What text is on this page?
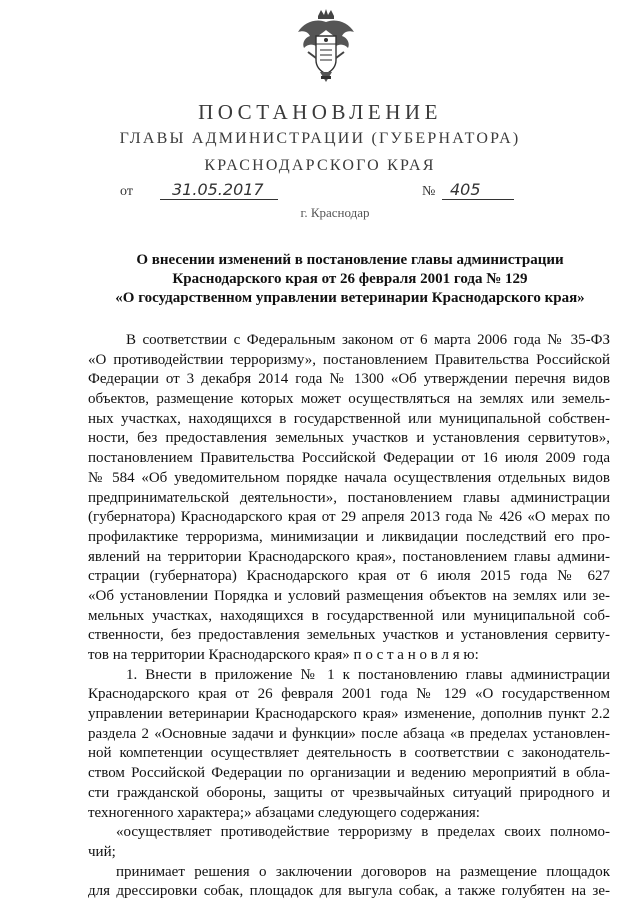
ПОСТАНОВЛЕНИЕ
ГЛАВЫ АДМИНИСТРАЦИИ (ГУБЕРНАТОРА)
КРАСНОДАРСКОГО КРАЯ
от 31.05.2017	№ 405
г. Краснодар
О внесении изменений в постановление главы администрации
Краснодарского края от 26 февраля 2001 года № 129
«О государственном управлении ветеринарии Краснодарского края»
В соответствии с Федеральным законом от 6 марта 2006 года № 35-ФЗ
«О противодействии терроризму», постановлением Правительства Российской
Федерации от 3 декабря 2014 года № 1300 «Об утверждении перечня видов
объектов, размещение которых может осуществляться на землях или земель-
ных участках, находящихся в государственной или муниципальной собствен-
ности, без предоставления земельных участков и установления сервитутов»,
постановлением Правительства Российской Федерации от 16 июля 2009 года
№ 584 «Об уведомительном порядке начала осуществления отдельных видов
предпринимательской деятельности», постановлением главы администрации
(губернатора) Краснодарского края от 29 апреля 2013 года № 426 «О мерах по
профилактике терроризма, минимизации и ликвидации последствий его про-
явлений на территории Краснодарского края», постановлением главы админи-
страции (губернатора) Краснодарского края от 6 июля 2015 года № 627
«Об установлении Порядка и условий размещения объектов на землях или зе-
мельных участках, находящихся в государственной или муниципальной соб-
ственности, без предоставления земельных участков и установления сервиту-
тов на территории Краснодарского края» п о с т а н о в л я ю:
1. Внести в приложение № 1 к постановлению главы администрации
Краснодарского края от 26 февраля 2001 года № 129 «О государственном
управлении ветеринарии Краснодарского края» изменение, дополнив пункт 2.2
раздела 2 «Основные задачи и функции» после абзаца «в пределах установлен-
ной компетенции осуществляет деятельность в соответствии с законодатель-
ством Российской Федерации по организации и ведению мероприятий в обла-
сти гражданской обороны, защиты от чрезвычайных ситуаций природного и
техногенного характера;» абзацами следующего содержания:
«осуществляет противодействие терроризму в пределах своих полномо-
чий;
принимает решения о заключении договоров на размещение площадок
для дрессировки собак, площадок для выгула собак, а также голубятен на зе-
